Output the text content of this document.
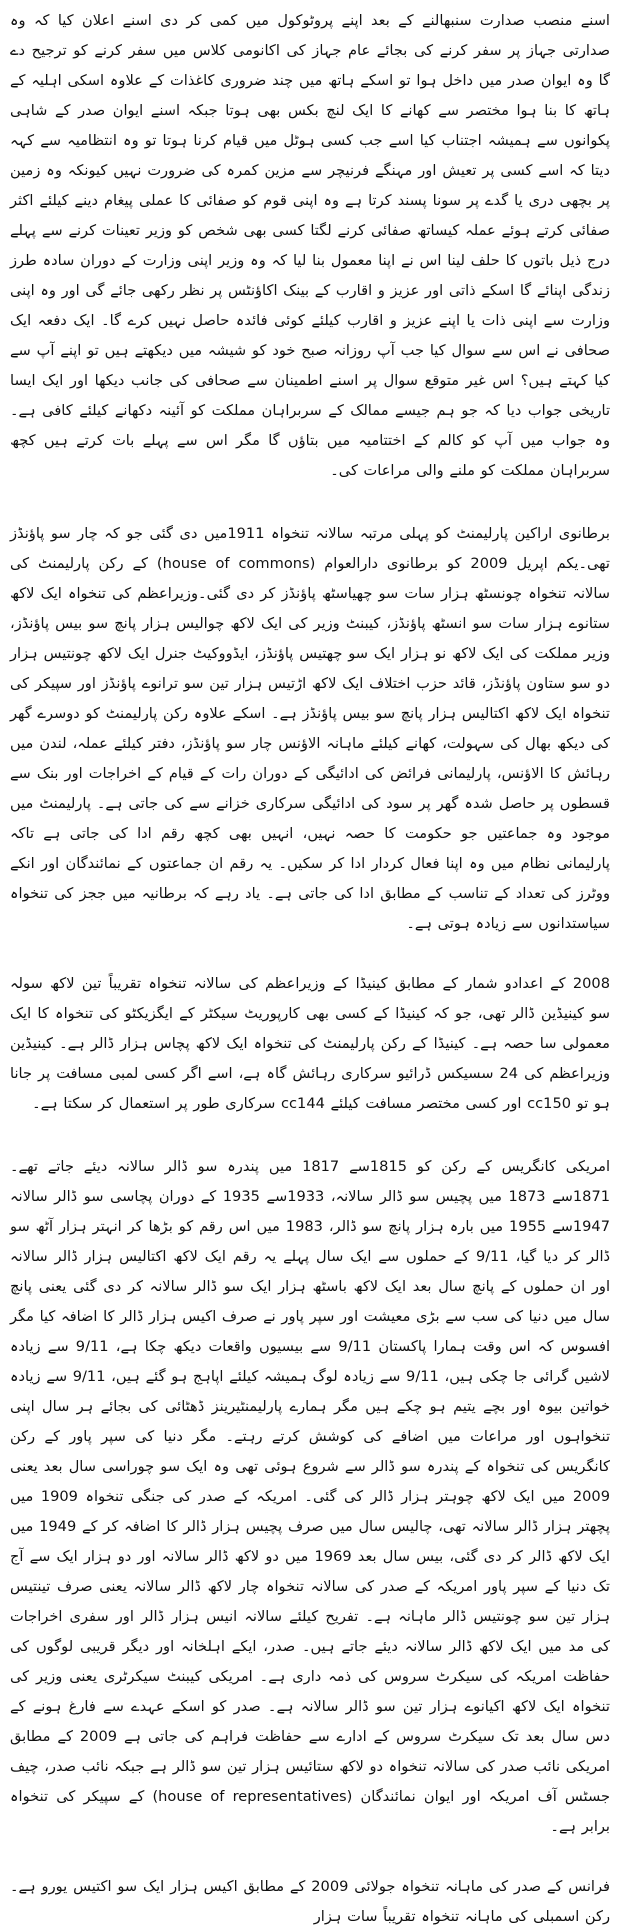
اسنے منصب صدارت سنبھالنے کے بعد اپنے پروٹوکول میں کمی کر دی اسنے اعلان کیا کہ وہ صدارتی جہاز پر سفر کرنے کی بجائے عام جہاز کی اکانومی کلاس میں سفر کرنے کو ترجیح دے گا وہ ایوان صدر میں داخل ہوا تو اسکے ہاتھ میں چند ضروری کاغذات کے علاوہ اسکی اہلیہ کے ہاتھ کا بنا ہوا مختصر سے کھانے کا ایک لنچ بکس بھی ہوتا جبکہ اسنے ایوان صدر کے شاہی پکوانوں سے ہمیشہ اجتناب کیا اسے جب کسی ہوٹل میں قیام کرنا ہوتا تو وہ انتظامیہ سے کہہ دیتا کہ اسے کسی پر تعیش اور مہنگے فرنیچر سے مزین کمرہ کی ضرورت نہیں کیونکہ وہ زمین پر بچھی دری یا گدے پر سونا پسند کرتا ہے وہ اپنی قوم کو صفائی کا عملی پیغام دینے کیلئے اکثر صفائی کرتے ہوئے عملہ کیساتھ صفائی کرنے لگتا کسی بھی شخص کو وزیر تعینات کرنے سے پہلے درج ذیل باتوں کا حلف لینا اس نے اپنا معمول بنا لیا کہ وہ وزیر اپنی وزارت کے دوران سادہ طرز زندگی اپنائے گا اسکے ذاتی اور عزیز و اقارب کے بینک اکاؤنٹس پر نظر رکھی جائے گی اور وہ اپنی وزارت سے اپنی ذات یا اپنے عزیز و اقارب کیلئے کوئی فائدہ حاصل نہیں کرے گا۔ ایک دفعہ ایک صحافی نے اس سے سوال کیا جب آپ روزانہ صبح خود کو شیشہ میں دیکھتے ہیں تو اپنے آپ سے کیا کہتے ہیں؟ اس غیر متوقع سوال پر اسنے اطمینان سے صحافی کی جانب دیکھا اور ایک ایسا تاریخی جواب دیا کہ جو ہم جیسے ممالک کے سربراہان مملکت کو آئینہ دکھانے کیلئے کافی ہے۔ وہ جواب میں آپ کو کالم کے اختتامیہ میں بتاؤں گا مگر اس سے پہلے بات کرتے ہیں کچھ سربراہان مملکت کو ملنے والی مراعات کی۔

برطانوی اراکین پارلیمنٹ کو پہلی مرتبہ سالانہ تنخواہ 1911میں دی گئی جو کہ چار سو پاؤنڈز تھی۔یکم اپریل 2009 کو برطانوی دارالعوام (house of commons) کے رکن پارلیمنٹ کی سالانہ تنخواہ چونسٹھ ہزار سات سو چھیاسٹھ پاؤنڈز کر دی گئی۔وزیراعظم کی تنخواہ ایک لاکھ ستانوے ہزار سات سو انسٹھ پاؤنڈز، کیبنٹ وزیر کی ایک لاکھ چوالیس ہزار پانچ سو بیس پاؤنڈز، وزیر مملکت کی ایک لاکھ نو ہزار ایک سو چھتیس پاؤنڈز، ایڈووکیٹ جنرل ایک لاکھ چونتیس ہزار دو سو ستاون پاؤنڈز، قائد حزب اختلاف ایک لاکھ اڑتیس ہزار تین سو ترانوے پاؤنڈز اور سپیکر کی تنخواہ ایک لاکھ اکتالیس ہزار پانچ سو بیس پاؤنڈز ہے۔ اسکے علاوہ رکن پارلیمنٹ کو دوسرے گھر کی دیکھ بھال کی سہولت، کھانے کیلئے ماہانہ الاؤنس چار سو پاؤنڈز، دفتر کیلئے عملہ، لندن میں رہائش کا الاؤنس، پارلیمانی فرائض کی ادائیگی کے دوران رات کے قیام کے اخراجات اور بنک سے قسطوں پر حاصل شدہ گھر پر سود کی ادائیگی سرکاری خزانے سے کی جاتی ہے۔ پارلیمنٹ میں موجود وہ جماعتیں جو حکومت کا حصہ نہیں، انہیں بھی کچھ رقم ادا کی جاتی ہے تاکہ پارلیمانی نظام میں وہ اپنا فعال کردار ادا کر سکیں۔ یہ رقم ان جماعتوں کے نمائندگان اور انکے ووٹرز کی تعداد کے تناسب کے مطابق ادا کی جاتی ہے۔ یاد رہے کہ برطانیہ میں ججز کی تنخواہ سیاستدانوں سے زیادہ ہوتی ہے۔

2008 کے اعدادو شمار کے مطابق کینیڈا کے وزیراعظم کی سالانہ تنخواہ تقریباً تین لاکھ سولہ سو کینیڈین ڈالر تھی، جو کہ کینیڈا کے کسی بھی کارپوریٹ سیکٹر کے ایگزیکٹو کی تنخواہ کا ایک معمولی سا حصہ ہے۔ کینیڈا کے رکن پارلیمنٹ کی تنخواہ ایک لاکھ پچاس ہزار ڈالر ہے۔ کینیڈین وزیراعظم کی 24 سسیکس ڈرائیو سرکاری رہائش گاہ ہے، اسے اگر کسی لمبی مسافت پر جانا ہو تو cc150 اور کسی مختصر مسافت کیلئے cc144 سرکاری طور پر استعمال کر سکتا ہے۔

امریکی کانگریس کے رکن کو 1815سے 1817 میں پندرہ سو ڈالر سالانہ دیئے جاتے تھے۔ 1871سے 1873 میں پچیس سو ڈالر سالانہ، 1933سے 1935 کے دوران پچاسی سو ڈالر سالانہ 1947سے 1955 میں بارہ ہزار پانچ سو ڈالر، 1983 میں اس رقم کو بڑھا کر انہتر ہزار آٹھ سو ڈالر کر دیا گیا، 9/11 کے حملوں سے ایک سال پہلے یہ رقم ایک لاکھ اکتالیس ہزار ڈالر سالانہ اور ان حملوں کے پانچ سال بعد ایک لاکھ باسٹھ ہزار ایک سو ڈالر سالانہ کر دی گئی یعنی پانچ سال میں دنیا کی سب سے بڑی معیشت اور سپر پاور نے صرف اکیس ہزار ڈالر کا اضافہ کیا مگر افسوس کہ اس وقت ہمارا پاکستان 9/11 سے بیسیوں واقعات دیکھ چکا ہے، 9/11 سے زیادہ لاشیں گرائی جا چکی ہیں، 9/11 سے زیادہ لوگ ہمیشہ کیلئے اپاہج ہو گئے ہیں، 9/11 سے زیادہ خواتین بیوہ اور بچے یتیم ہو چکے ہیں مگر ہمارے پارلیمنٹیرینز ڈھٹائی کی بجائے ہر سال اپنی تنخواہوں اور مراعات میں اضافے کی کوشش کرتے رہتے۔ مگر دنیا کی سپر پاور کے رکن کانگریس کی تنخواہ کے پندرہ سو ڈالر سے شروع ہوئی تھی وہ ایک سو چوراسی سال بعد یعنی 2009 میں ایک لاکھ چوہتر ہزار ڈالر کی گئی۔ امریکہ کے صدر کی جنگی تنخواہ 1909 میں پچھتر ہزار ڈالر سالانہ تھی، چالیس سال میں صرف پچیس ہزار ڈالر کا اضافہ کر کے 1949 میں ایک لاکھ ڈالر کر دی گئی، بیس سال بعد 1969 میں دو لاکھ ڈالر سالانہ اور دو ہزار ایک سے آج تک دنیا کے سپر پاور امریکہ کے صدر کی سالانہ تنخواہ چار لاکھ ڈالر سالانہ یعنی صرف تینتیس ہزار تین سو چونتیس ڈالر ماہانہ ہے۔ تفریح کیلئے سالانہ انیس ہزار ڈالر اور سفری اخراجات کی مد میں ایک لاکھ ڈالر سالانہ دیئے جاتے ہیں۔ صدر، ایکے اہلخانہ اور دیگر قریبی لوگوں کی حفاظت امریکہ کی سیکرٹ سروس کی ذمہ داری ہے۔ امریکی کیبنٹ سیکرٹری یعنی وزیر کی تنخواہ ایک لاکھ اکیانوے ہزار تین سو ڈالر سالانہ ہے۔ صدر کو اسکے عہدے سے فارغ ہونے کے دس سال بعد تک سیکرٹ سروس کے ادارے سے حفاظت فراہم کی جاتی ہے 2009 کے مطابق امریکی نائب صدر کی سالانہ تنخواہ دو لاکھ ستائیس ہزار تین سو ڈالر ہے جبکہ نائب صدر، چیف جسٹس آف امریکہ اور ایوان نمائندگان (house of representatives) کے سپیکر کی تنخواہ برابر ہے۔

فرانس کے صدر کی ماہانہ تنخواہ جولائی 2009 کے مطابق اکیس ہزار ایک سو اکتیس یورو ہے۔ رکن اسمبلی کی ماہانہ تنخواہ تقریباً سات ہزار
